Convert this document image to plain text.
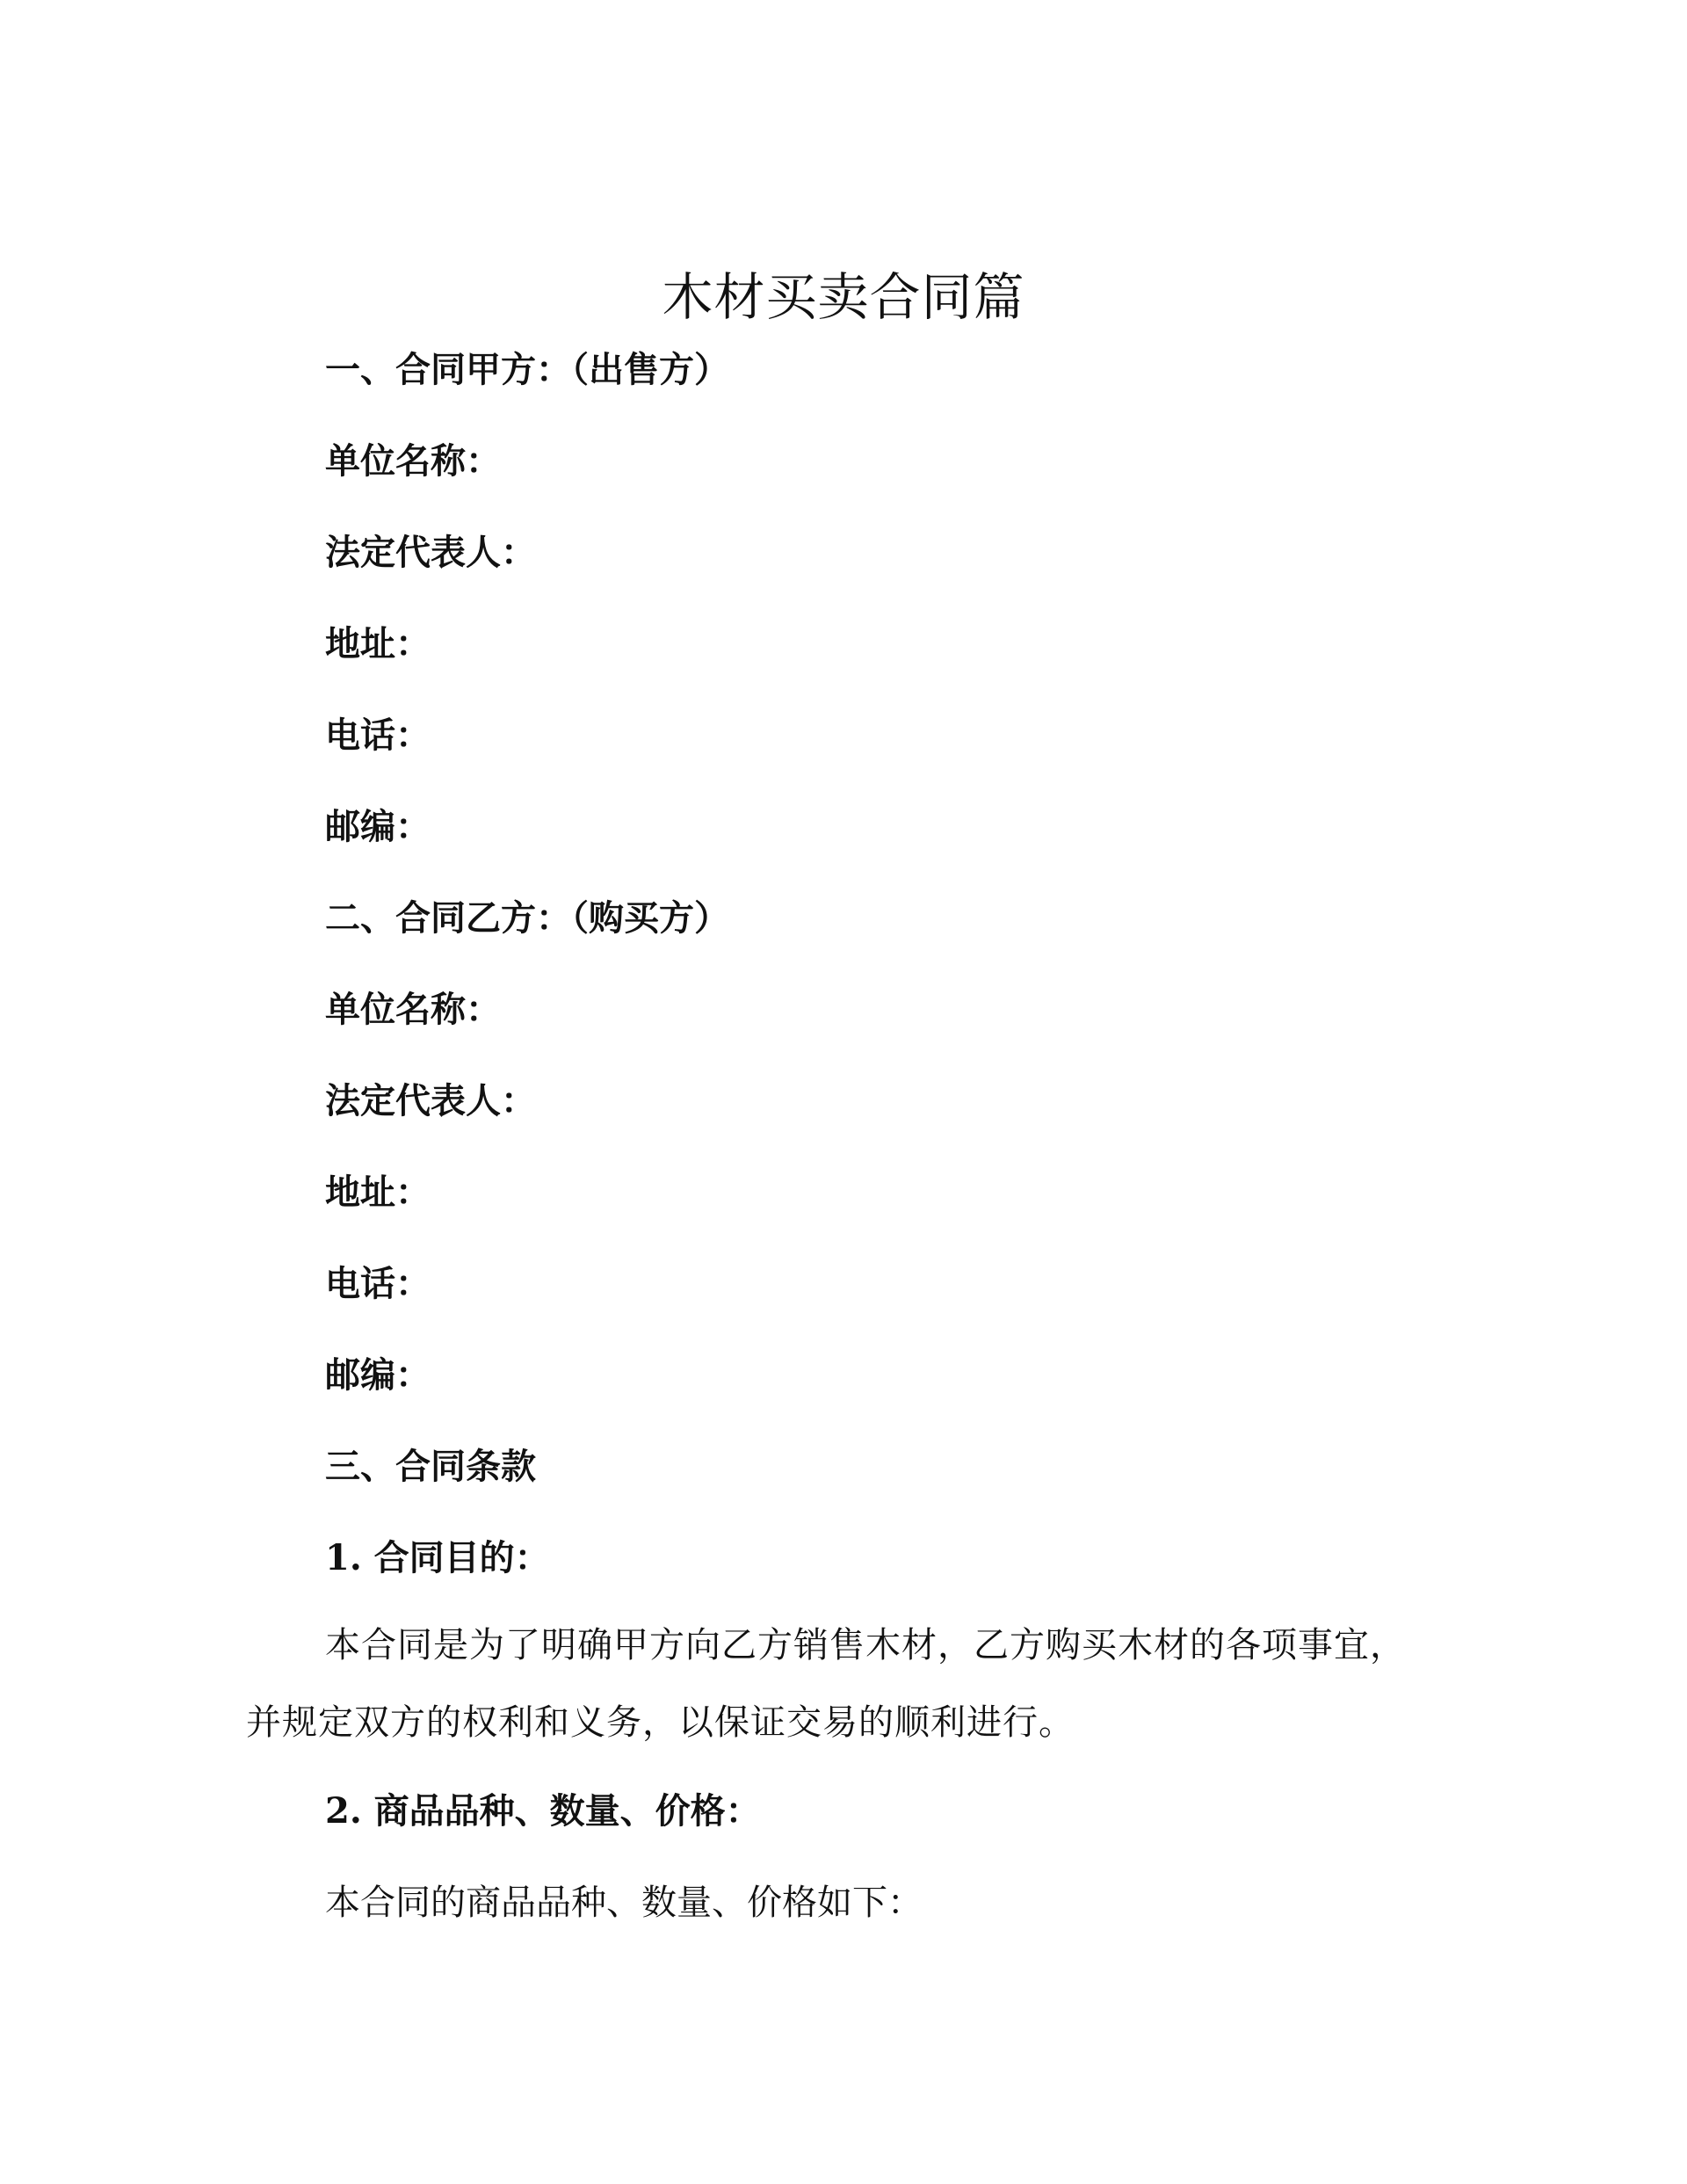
木材买卖合同篇
一、合同甲方：（出售方）
单位名称：
法定代表人：
地址：
电话：
邮编：
二、合同乙方：（购买方）
单位名称：
法定代表人：
地址：
电话：
邮编：
三、合同条款
1. 合同目的：

本合同是为了明确甲方向乙方销售木材，乙方购买木材的各项事宜，并规定双方的权利和义务，以保证交易的顺利进行。

2. 商品品种、数量、价格：
本合同的商品品种、数量、价格如下：
